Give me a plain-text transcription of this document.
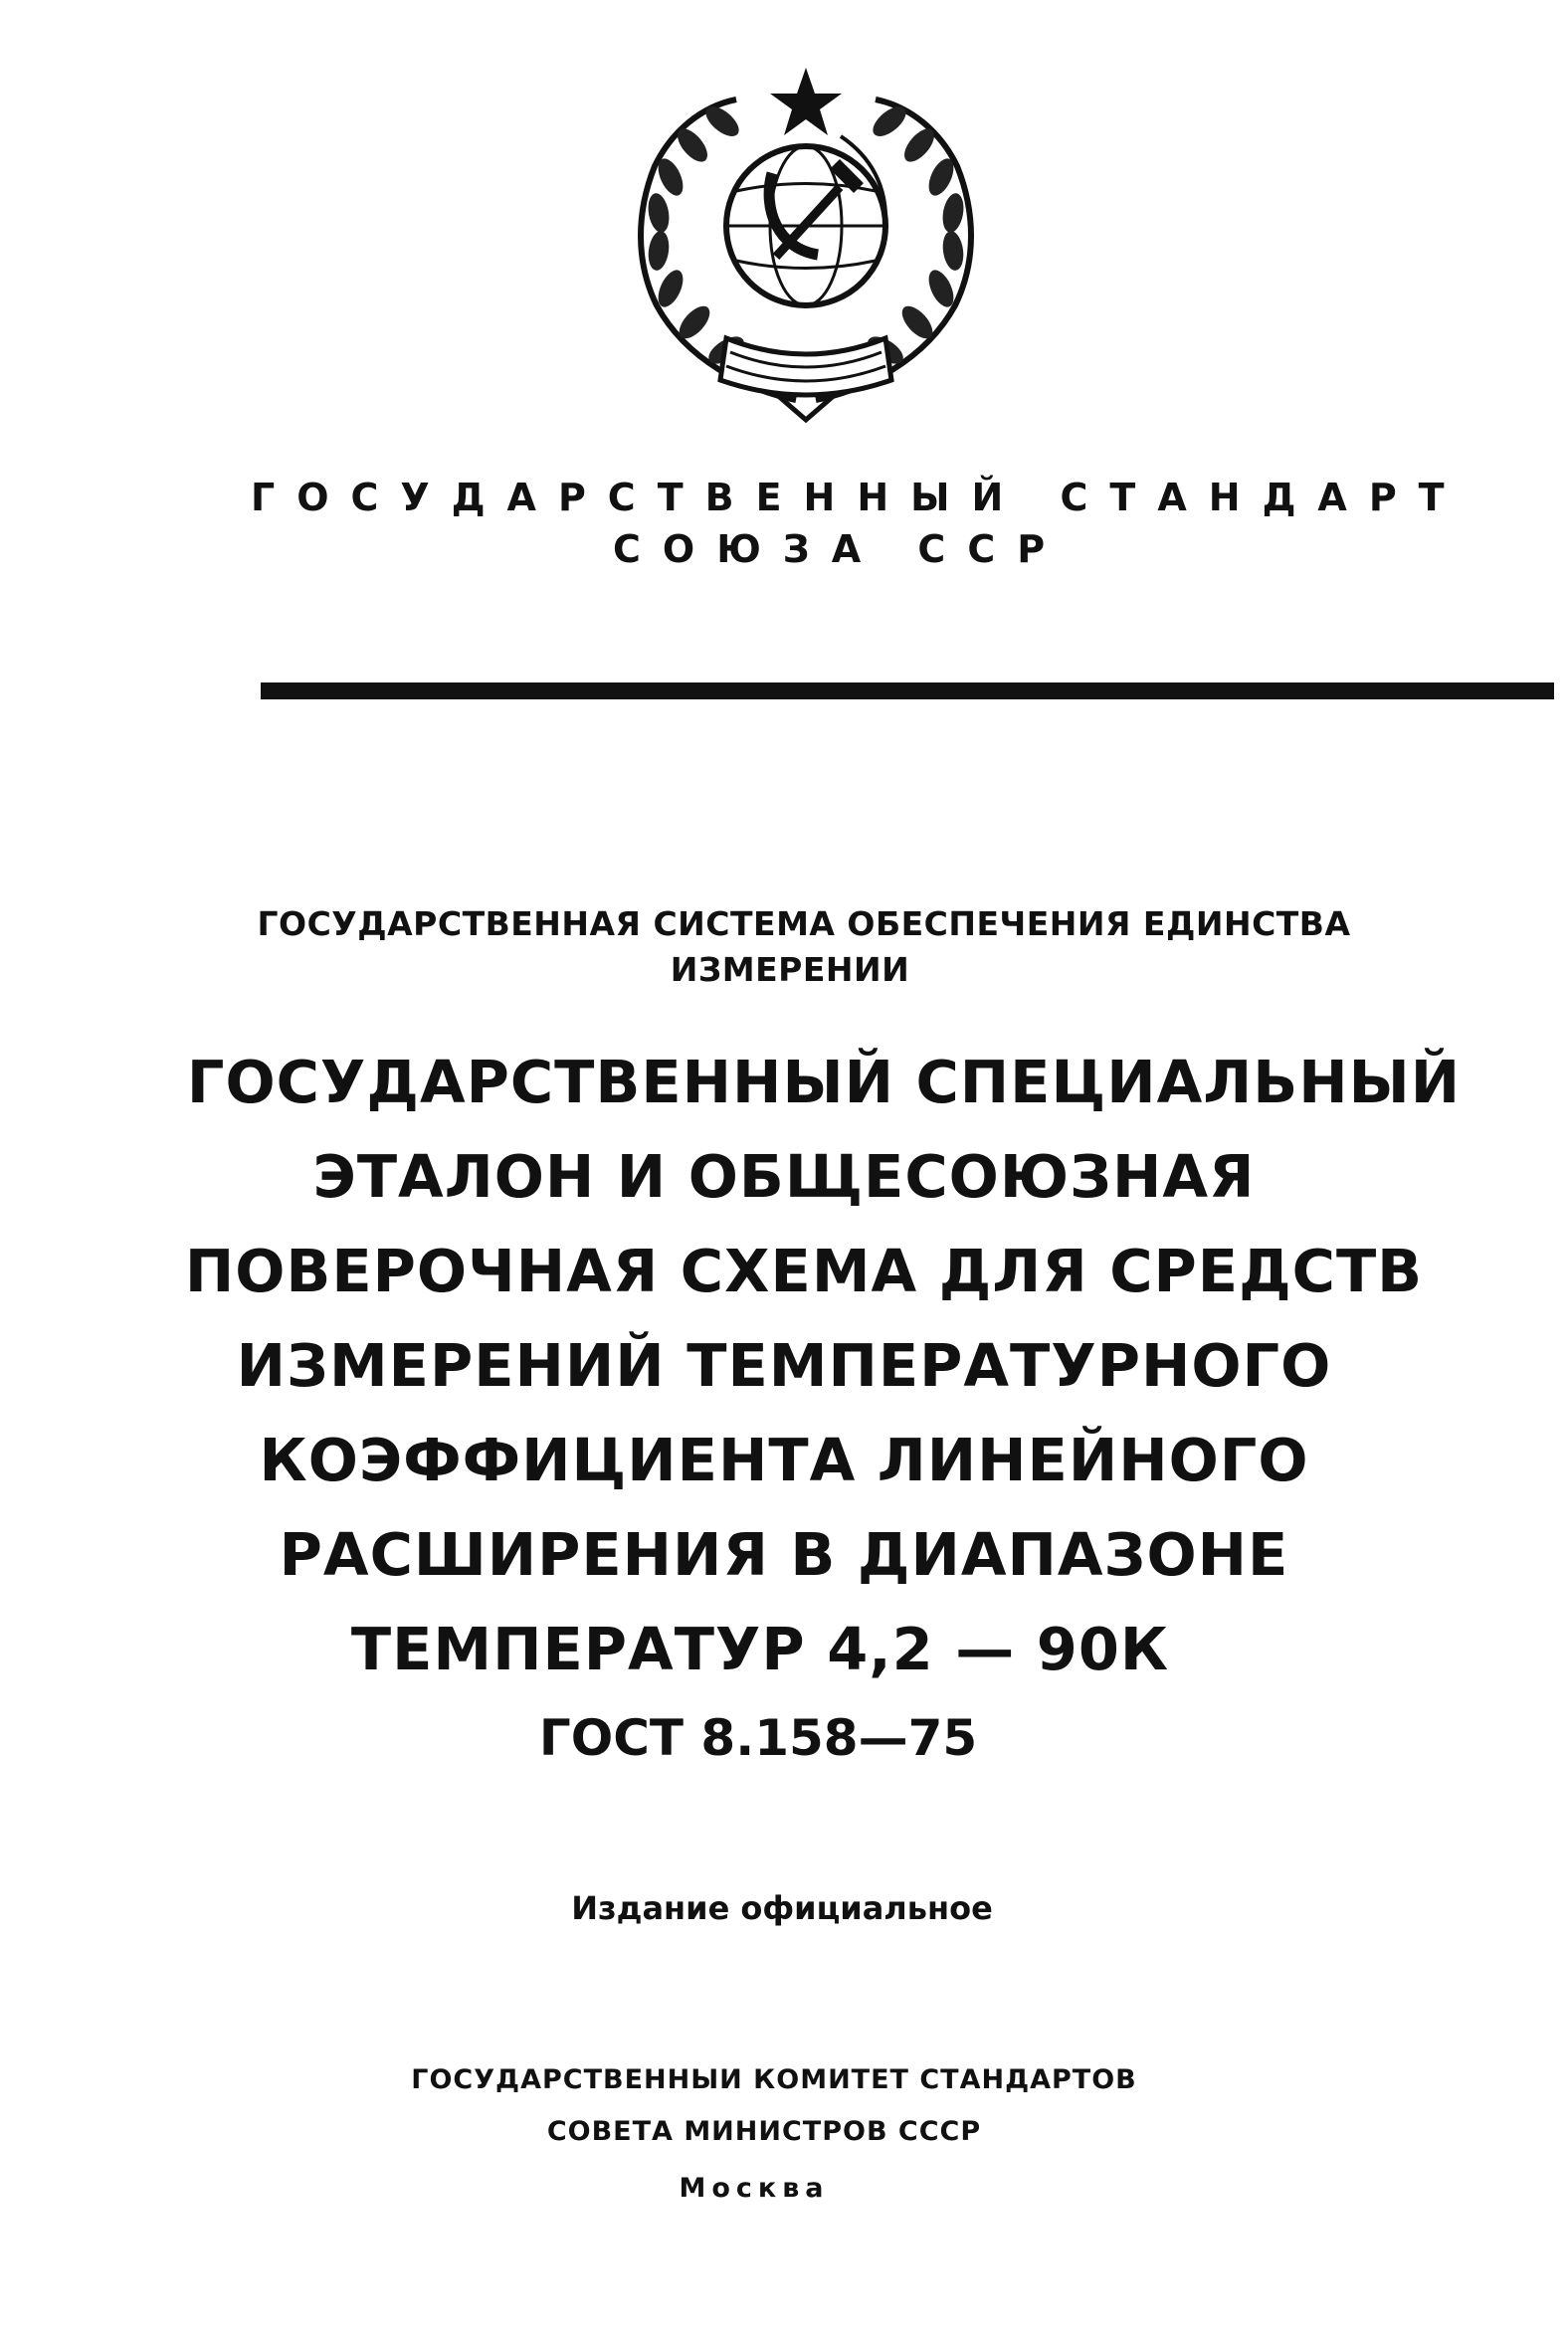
ГОСУДАРСТВЕННЫЙ СТАНДАРТ
СОЮЗА ССР
ГОСУДАРСТВЕННАЯ СИСТЕМА ОБЕСПЕЧЕНИЯ ЕДИНСТВА
ИЗМЕРЕНИИ
ГОСУДАРСТВЕННЫЙ СПЕЦИАЛЬНЫЙ
ЭТАЛОН И ОБЩЕСОЮЗНАЯ
ПОВЕРОЧНАЯ СХЕМА ДЛЯ СРЕДСТВ
ИЗМЕРЕНИЙ ТЕМПЕРАТУРНОГО
КОЭФФИЦИЕНТА ЛИНЕЙНОГО
РАСШИРЕНИЯ В ДИАПАЗОНЕ
ТЕМПЕРАТУР 4,2 — 90К
ГОСТ 8.158—75
Издание официальное
ГОСУДАРСТВЕННЫИ КОМИТЕТ СТАНДАРТОВ
СОВЕТА МИНИСТРОВ СССР
Москва
